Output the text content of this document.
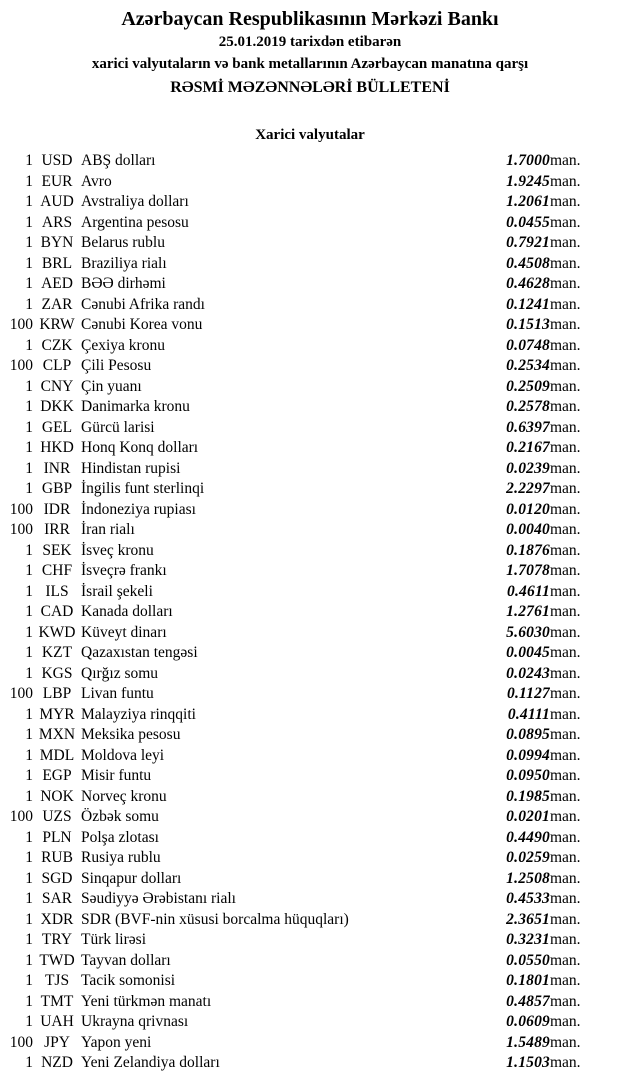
Azərbaycan Respublikasının Mərkəzi Bankı
25.01.2019 tarixdən etibarən
xarici valyutaların və bank metallarının Azərbaycan manatına qarşı
RƏSMİ MƏZƏNNƏLƏRİ BÜLLETENİ
Xarici valyutalar
1	USD	ABŞ dolları	1.7000	man.
1	EUR	Avro	1.9245	man.
1	AUD	Avstraliya dolları	1.2061	man.
1	ARS	Argentina pesosu	0.0455	man.
1	BYN	Belarus rublu	0.7921	man.
1	BRL	Braziliya rialı	0.4508	man.
1	AED	BƏƏ dirhəmi	0.4628	man.
1	ZAR	Cənubi Afrika randı	0.1241	man.
100	KRW	Cənubi Korea vonu	0.1513	man.
1	CZK	Çexiya kronu	0.0748	man.
100	CLP	Çili Pesosu	0.2534	man.
1	CNY	Çin yuanı	0.2509	man.
1	DKK	Danimarka kronu	0.2578	man.
1	GEL	Gürcü larisi	0.6397	man.
1	HKD	Honq Konq dolları	0.2167	man.
1	INR	Hindistan rupisi	0.0239	man.
1	GBP	İngilis funt sterlinqi	2.2297	man.
100	IDR	İndoneziya rupiası	0.0120	man.
100	IRR	İran rialı	0.0040	man.
1	SEK	İsveç kronu	0.1876	man.
1	CHF	İsveçrə frankı	1.7078	man.
1	ILS	İsrail şekeli	0.4611	man.
1	CAD	Kanada dolları	1.2761	man.
1	KWD	Küveyt dinarı	5.6030	man.
1	KZT	Qazaxıstan tengəsi	0.0045	man.
1	KGS	Qırğız somu	0.0243	man.
100	LBP	Livan funtu	0.1127	man.
1	MYR	Malayziya rinqqiti	0.4111	man.
1	MXN	Meksika pesosu	0.0895	man.
1	MDL	Moldova leyi	0.0994	man.
1	EGP	Misir funtu	0.0950	man.
1	NOK	Norveç kronu	0.1985	man.
100	UZS	Özbək somu	0.0201	man.
1	PLN	Polşa zlotası	0.4490	man.
1	RUB	Rusiya rublu	0.0259	man.
1	SGD	Sinqapur dolları	1.2508	man.
1	SAR	Səudiyyə Ərəbistanı rialı	0.4533	man.
1	XDR	SDR (BVF-nin xüsusi borcalma hüquqları)	2.3651	man.
1	TRY	Türk lirəsi	0.3231	man.
1	TWD	Tayvan dolları	0.0550	man.
1	TJS	Tacik somonisi	0.1801	man.
1	TMT	Yeni türkmən manatı	0.4857	man.
1	UAH	Ukrayna qrivnası	0.0609	man.
100	JPY	Yapon yeni	1.5489	man.
1	NZD	Yeni Zelandiya dolları	1.1503	man.
